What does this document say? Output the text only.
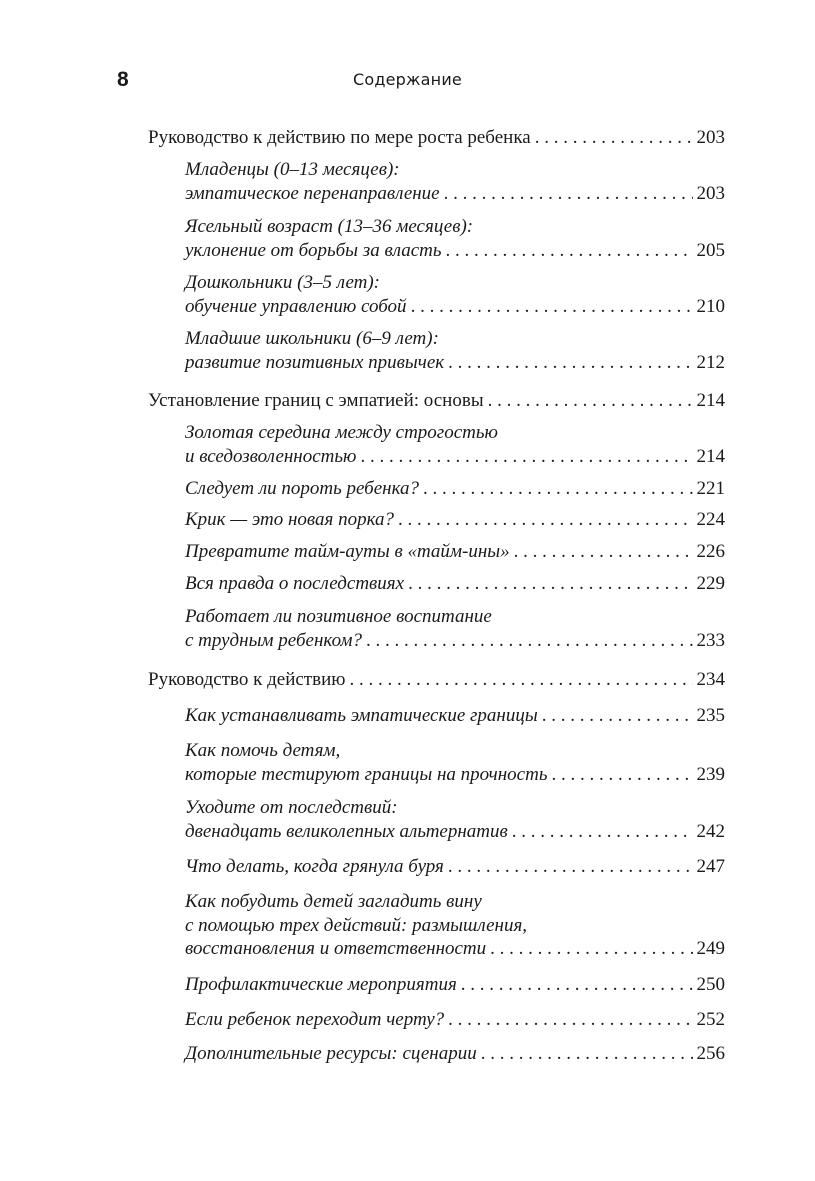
8	Содержание
Руководство к действию по мере роста ребенка . . .	203
Младенцы (0–13 месяцев):
эмпатическое перенаправление . . .	203
Ясельный возраст (13–36 месяцев):
уклонение от борьбы за власть . . .	205
Дошкольники (3–5 лет):
обучение управлению собой . . .	210
Младшие школьники (6–9 лет):
развитие позитивных привычек . . .	212
Установление границ с эмпатией: основы . . .	214
Золотая середина между строгостью
и вседозволенностью . . .	214
Следует ли пороть ребенка? . . .	221
Крик — это новая порка? . . .	224
Превратите тайм-ауты в «тайм-ины» . . .	226
Вся правда о последствиях . . .	229
Работает ли позитивное воспитание
с трудным ребенком? . . .	233
Руководство к действию . . .	234
Как устанавливать эмпатические границы . . .	235
Как помочь детям,
которые тестируют границы на прочность . . .	239
Уходите от последствий:
двенадцать великолепных альтернатив . . .	242
Что делать, когда грянула буря . . .	247
Как побудить детей загладить вину
с помощью трех действий: размышления,
восстановления и ответственности . . .	249
Профилактические мероприятия . . .	250
Если ребенок переходит черту? . . .	252
Дополнительные ресурсы: сценарии . . .	256
